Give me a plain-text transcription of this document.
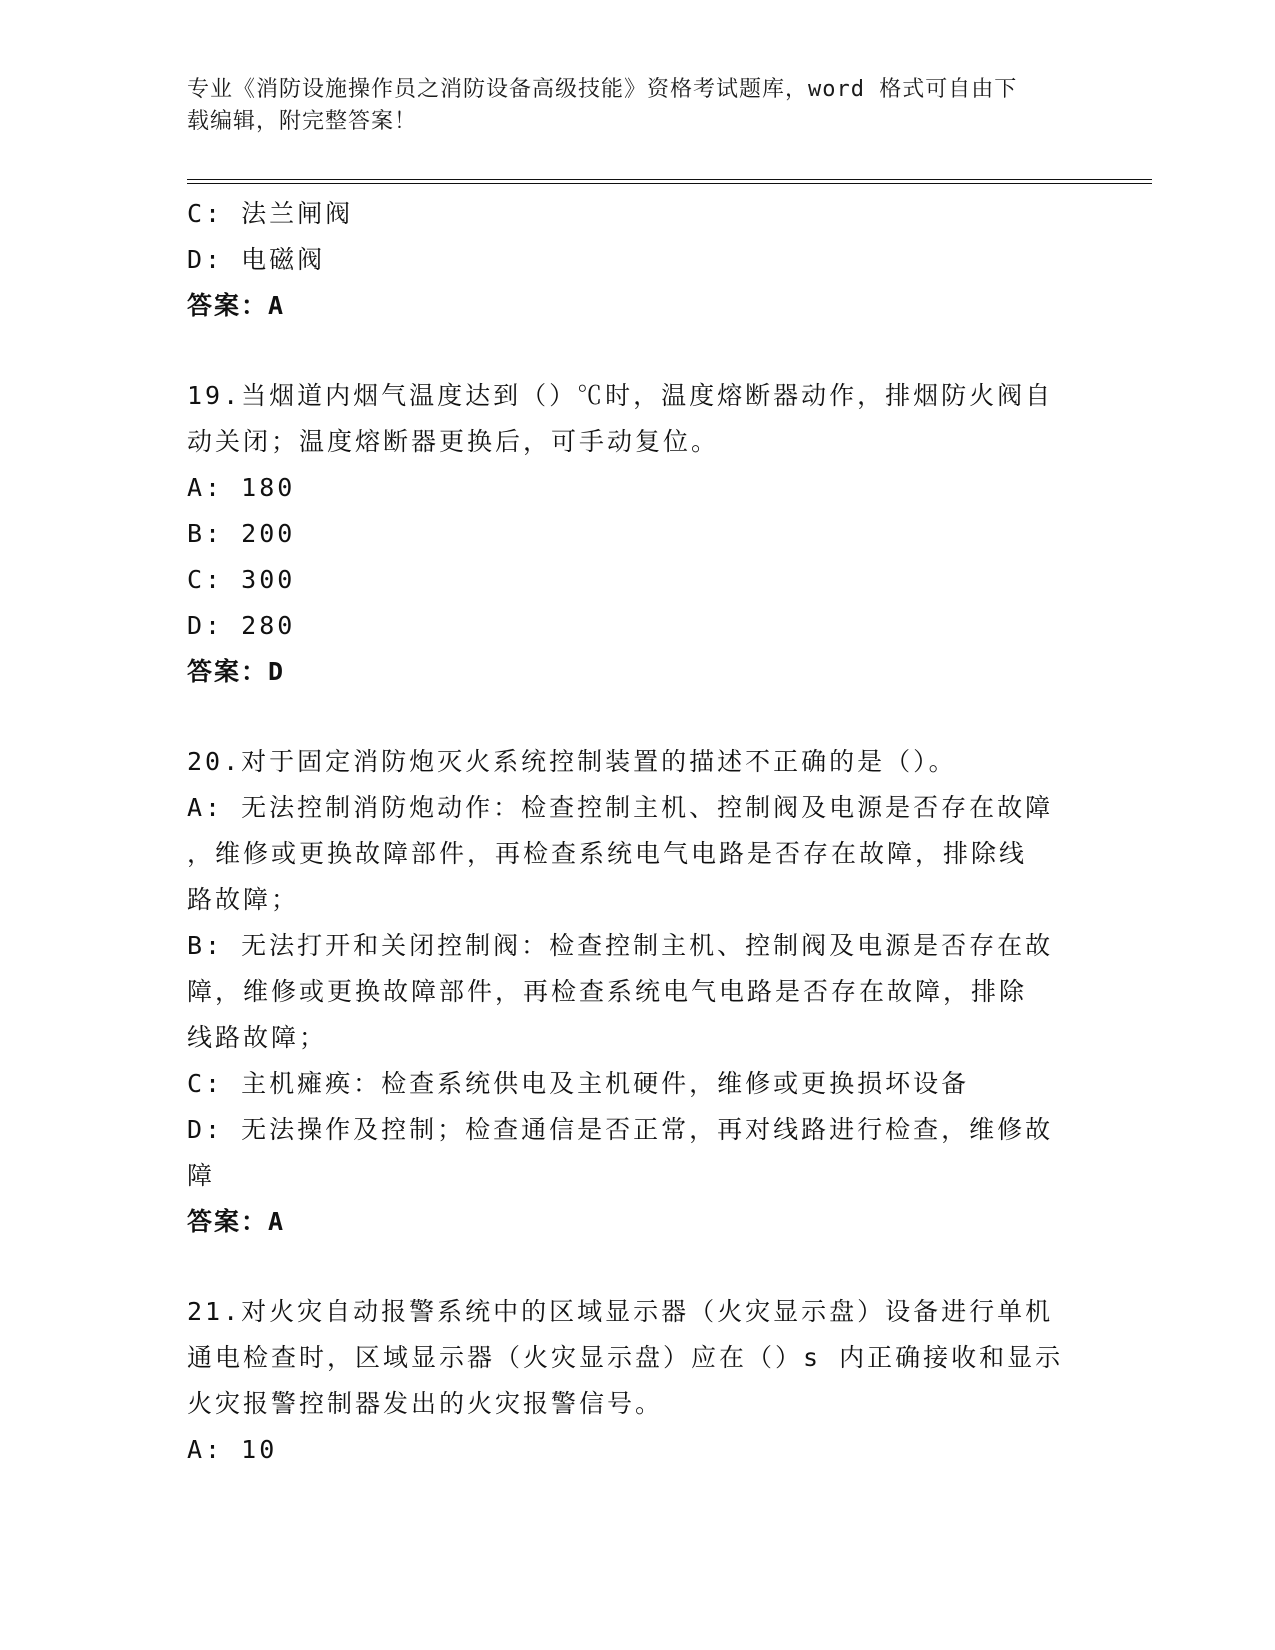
专业《消防设施操作员之消防设备高级技能》资格考试题库，word 格式可自由下
载编辑，附完整答案！
C: 法兰闸阀
D: 电磁阀
答案：A
19.当烟道内烟气温度达到（）℃时，温度熔断器动作，排烟防火阀自
动关闭；温度熔断器更换后，可手动复位。
A: 180
B: 200
C: 300
D: 280
答案：D
20.对于固定消防炮灭火系统控制装置的描述不正确的是（）。
A: 无法控制消防炮动作：检查控制主机、控制阀及电源是否存在故障
，维修或更换故障部件，再检查系统电气电路是否存在故障，排除线
路故障；
B: 无法打开和关闭控制阀：检查控制主机、控制阀及电源是否存在故
障，维修或更换故障部件，再检查系统电气电路是否存在故障，排除
线路故障；
C: 主机瘫痪：检查系统供电及主机硬件，维修或更换损坏设备
D: 无法操作及控制；检查通信是否正常，再对线路进行检查，维修故
障
答案：A
21.对火灾自动报警系统中的区域显示器（火灾显示盘）设备进行单机
通电检查时，区域显示器（火灾显示盘）应在（）s 内正确接收和显示
火灾报警控制器发出的火灾报警信号。
A: 10
